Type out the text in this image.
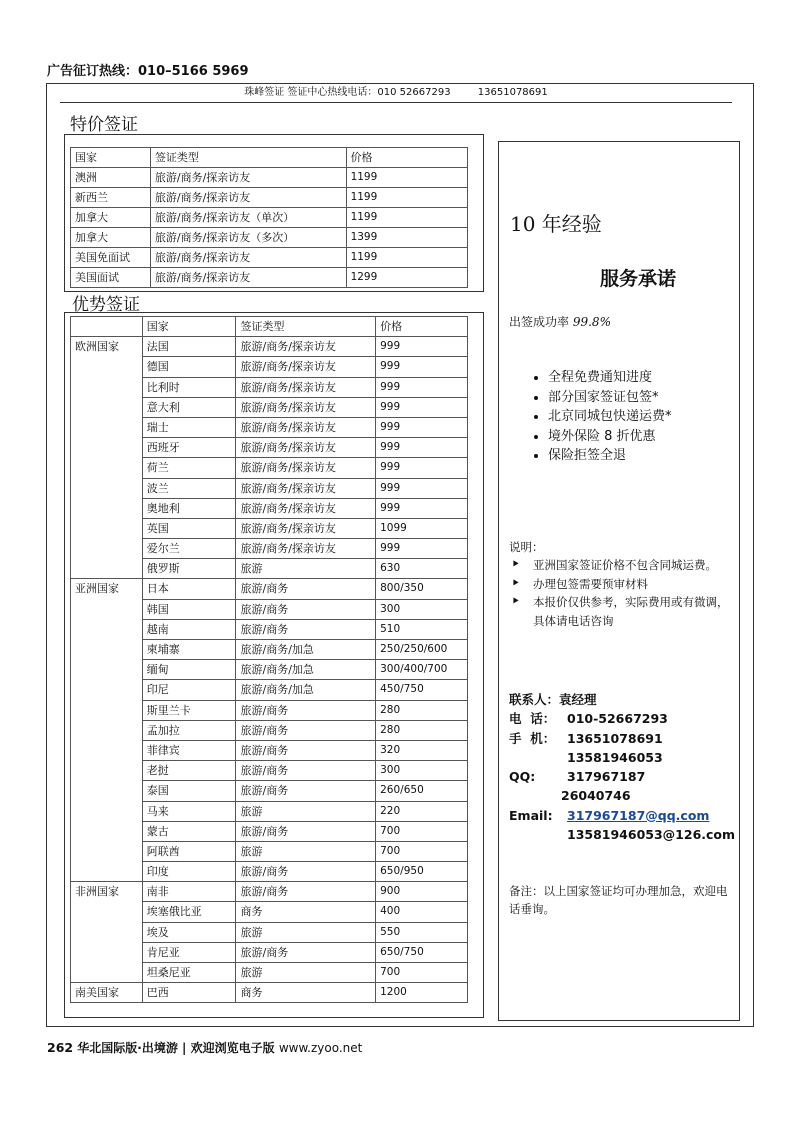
广告征订热线：010–5166 5969
珠峰签证 签证中心热线电话：010 52667293	13651078691
特价签证
国家	签证类型	价格
澳洲	旅游/商务/探亲访友	1199
新西兰	旅游/商务/探亲访友	1199
加拿大	旅游/商务/探亲访友（单次）	1199
加拿大	旅游/商务/探亲访友（多次）	1399
美国免面试	旅游/商务/探亲访友	1199
美国面试	旅游/商务/探亲访友	1299
优势签证
	国家	签证类型	价格
欧洲国家	法国	旅游/商务/探亲访友	999
	德国	旅游/商务/探亲访友	999
	比利时	旅游/商务/探亲访友	999
	意大利	旅游/商务/探亲访友	999
	瑞士	旅游/商务/探亲访友	999
	西班牙	旅游/商务/探亲访友	999
	荷兰	旅游/商务/探亲访友	999
	波兰	旅游/商务/探亲访友	999
	奥地利	旅游/商务/探亲访友	999
	英国	旅游/商务/探亲访友	1099
	爱尔兰	旅游/商务/探亲访友	999
	俄罗斯	旅游	630
亚洲国家	日本	旅游/商务	800/350
	韩国	旅游/商务	300
	越南	旅游/商务	510
	柬埔寨	旅游/商务/加急	250/250/600
	缅甸	旅游/商务/加急	300/400/700
	印尼	旅游/商务/加急	450/750
	斯里兰卡	旅游/商务	280
	孟加拉	旅游/商务	280
	菲律宾	旅游/商务	320
	老挝	旅游/商务	300
	泰国	旅游/商务	260/650
	马来	旅游	220
	蒙古	旅游/商务	700
	阿联酋	旅游	700
	印度	旅游/商务	650/950
非洲国家	南非	旅游/商务	900
	埃塞俄比亚	商务	400
	埃及	旅游	550
	肯尼亚	旅游/商务	650/750
	坦桑尼亚	旅游	700
南美国家	巴西	商务	1200
10 年经验
服务承诺
出签成功率 99.8%
• 全程免费通知进度
• 部分国家签证包签*
• 北京同城包快递运费*
• 境外保险 8 折优惠
• 保险拒签全退
说明：
⯈ 亚洲国家签证价格不包含同城运费。
⯈ 办理包签需要预审材料
⯈ 本报价仅供参考，实际费用或有微调，具体请电话咨询
联系人： 袁经理
电  话： 010-52667293
手  机： 13651078691
13581946053
QQ:	317967187
26040746
Email:	317967187@qq.com
13581946053@126.com
备注：以上国家签证均可办理加急，欢迎电话垂询。
262 华北国际版·出境游 | 欢迎浏览电子版 www.zyoo.net
